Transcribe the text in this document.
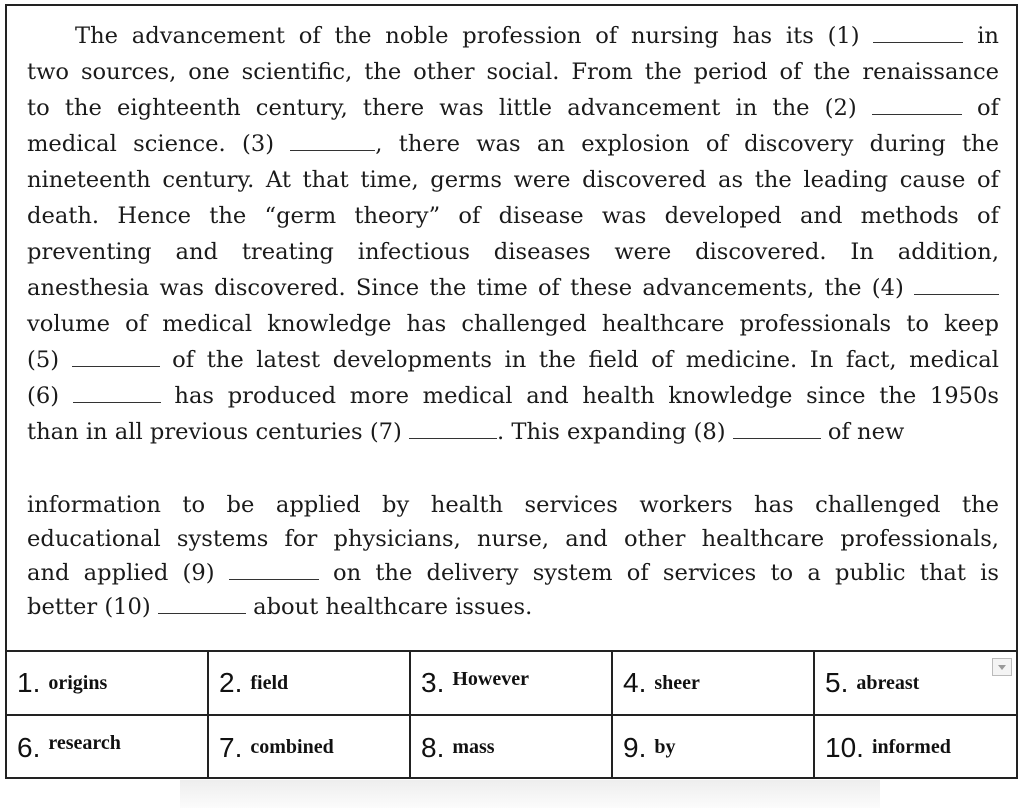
The advancement of the noble profession of nursing has its (1)	in
two sources, one scientific, the other social. From the period of the renaissance
to the eighteenth century, there was little advancement in the (2)	of
medical science. (3)	, there was an explosion of discovery during the
nineteenth century. At that time, germs were discovered as the leading cause of
death. Hence the “germ theory” of disease was developed and methods of
preventing and treating infectious diseases were discovered. In addition,
anesthesia was discovered. Since the time of these advancements, the (4)
volume of medical knowledge has challenged healthcare professionals to keep
(5)	of the latest developments in the field of medicine. In fact, medical
(6)	has produced more medical and health knowledge since the 1950s
than in all previous centuries (7)	. This expanding (8)	of new
information to be applied by health services workers has challenged the
educational systems for physicians, nurse, and other healthcare professionals,
and applied (9)	on the delivery system of services to a public that is
better (10)	about healthcare issues.
1. origins	2. field	3. However	4. sheer	5. abreast
6. research	7. combined	8. mass	9. by	10. informed
